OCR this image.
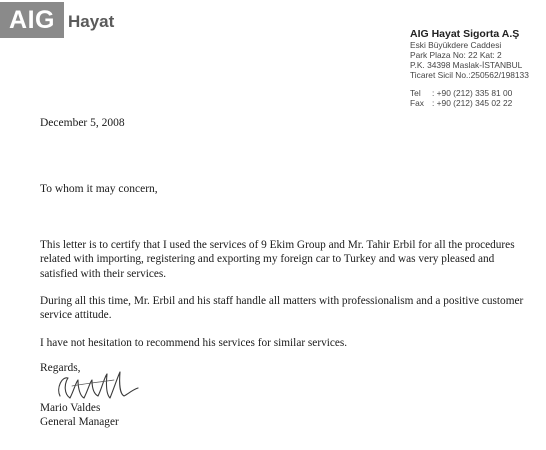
AIG Hayat
AIG Hayat Sigorta A.Ş
Eski Büyükdere Caddesi
Park Plaza No: 22 Kat: 2
P.K. 34398 Maslak-İSTANBUL
Ticaret Sicil No.:250562/198133
Tel : +90 (212) 335 81 00
Fax : +90 (212) 345 02 22
December 5, 2008
To whom it may concern,

This letter is to certify that I used the services of 9 Ekim Group and Mr. Tahir Erbil for all the procedures related with importing, registering and exporting my foreign car to Turkey and was very pleased and satisfied with their services.

During all this time, Mr. Erbil and his staff handle all matters with professionalism and a positive customer service attitude.

I have not hesitation to recommend his services for similar services.

Regards,
Mario Valdes
General Manager
